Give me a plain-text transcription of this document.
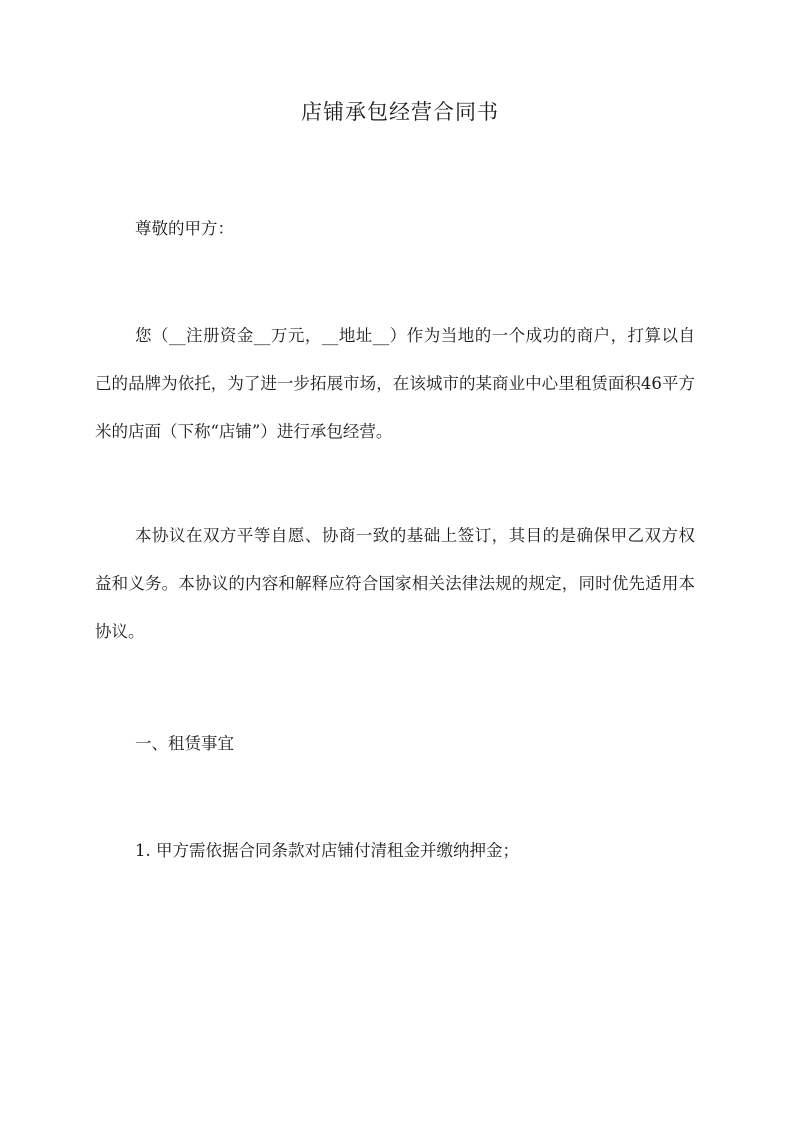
店铺承包经营合同书

尊敬的甲方：

您（__注册资金__万元，__地址__）作为当地的一个成功的商户，打算以自己的品牌为依托，为了进一步拓展市场，在该城市的某商业中心里租赁面积46平方米的店面（下称“店铺”）进行承包经营。

本协议在双方平等自愿、协商一致的基础上签订，其目的是确保甲乙双方权益和义务。本协议的内容和解释应符合国家相关法律法规的规定，同时优先适用本协议。

一、租赁事宜

1. 甲方需依据合同条款对店铺付清租金并缴纳押金；
